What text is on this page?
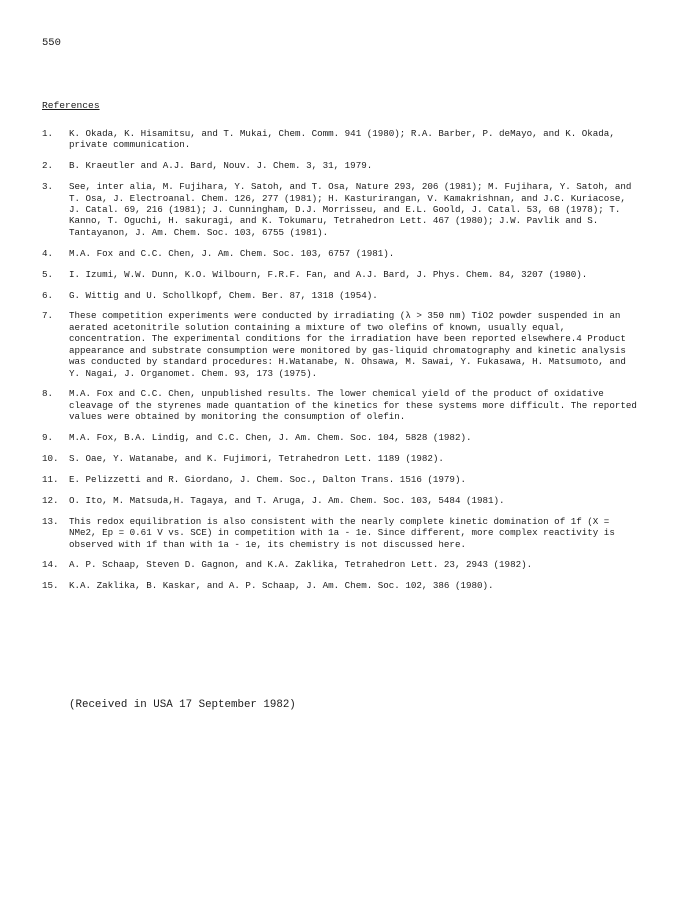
550
References
1. K. Okada, K. Hisamitsu, and T. Mukai, Chem. Comm. 941 (1980); R.A. Barber, P. deMayo, and K. Okada, private communication.
2. B. Kraeutler and A.J. Bard, Nouv. J. Chem. 3, 31, 1979.
3. See, inter alia, M. Fujihara, Y. Satoh, and T. Osa, Nature 293, 206 (1981); M. Fujihara, Y. Satoh, and T. Osa, J. Electroanal. Chem. 126, 277 (1981); H. Kasturirangan, V. Kamakrishnan, and J.C. Kuriacose, J. Catal. 69, 216 (1981); J. Cunningham, D.J. Morrisseu, and E.L. Goold, J. Catal. 53, 68 (1978); T. Kanno, T. Oguchi, H. sakuragi, and K. Tokumaru, Tetrahedron Lett. 467 (1980); J.W. Pavlik and S. Tantayanon, J. Am. Chem. Soc. 103, 6755 (1981).
4. M.A. Fox and C.C. Chen, J. Am. Chem. Soc. 103, 6757 (1981).
5. I. Izumi, W.W. Dunn, K.O. Wilbourn, F.R.F. Fan, and A.J. Bard, J. Phys. Chem. 84, 3207 (1980).
6. G. Wittig and U. Schollkopf, Chem. Ber. 87, 1318 (1954).
7. These competition experiments were conducted by irradiating (λ > 350 nm) TiO2 powder suspended in an aerated acetonitrile solution containing a mixture of two olefins of known, usually equal, concentration. The experimental conditions for the irradiation have been reported elsewhere.4 Product appearance and substrate consumption were monitored by gas-liquid chromatography and kinetic analysis was conducted by standard procedures: H.Watanabe, N. Ohsawa, M. Sawai, Y. Fukasawa, H. Matsumoto, and Y. Nagai, J. Organomet. Chem. 93, 173 (1975).
8. M.A. Fox and C.C. Chen, unpublished results. The lower chemical yield of the product of oxidative cleavage of the styrenes made quantation of the kinetics for these systems more difficult. The reported values were obtained by monitoring the consumption of olefin.
9. M.A. Fox, B.A. Lindig, and C.C. Chen, J. Am. Chem. Soc. 104, 5828 (1982).
10. S. Oae, Y. Watanabe, and K. Fujimori, Tetrahedron Lett. 1189 (1982).
11. E. Pelizzetti and R. Giordano, J. Chem. Soc., Dalton Trans. 1516 (1979).
12. O. Ito, M. Matsuda,H. Tagaya, and T. Aruga, J. Am. Chem. Soc. 103, 5484 (1981).
13. This redox equilibration is also consistent with the nearly complete kinetic domination of 1f (X = NMe2, Ep = 0.61 V vs. SCE) in competition with 1a - 1e. Since different, more complex reactivity is observed with 1f than with 1a - 1e, its chemistry is not discussed here.
14. A. P. Schaap, Steven D. Gagnon, and K.A. Zaklika, Tetrahedron Lett. 23, 2943 (1982).
15. K.A. Zaklika, B. Kaskar, and A. P. Schaap, J. Am. Chem. Soc. 102, 386 (1980).
(Received in USA 17 September 1982)
